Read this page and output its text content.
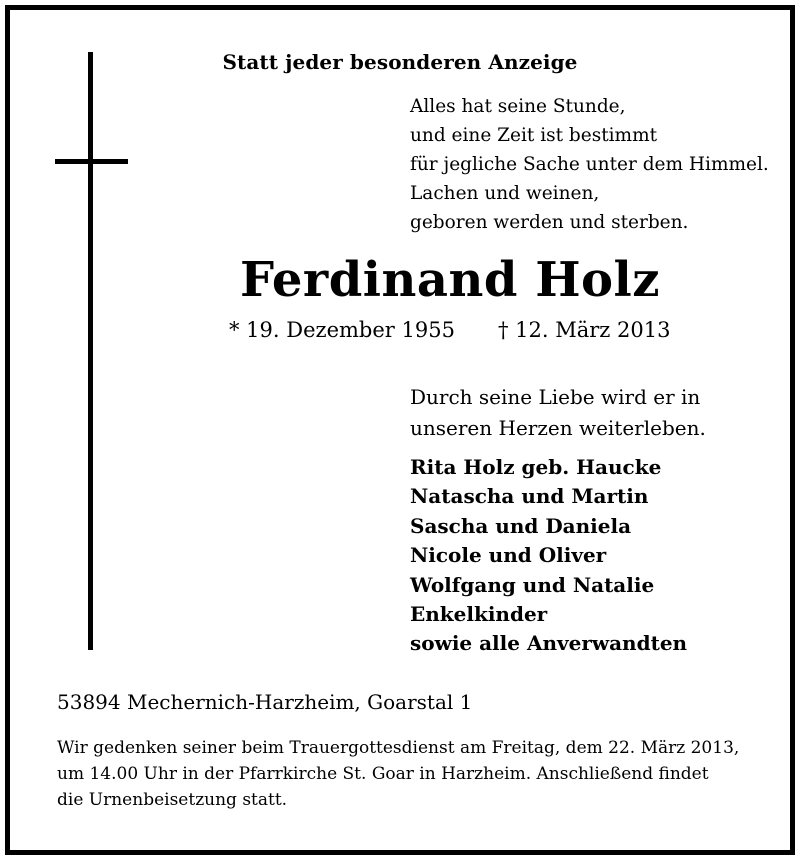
Statt jeder besonderen Anzeige
Alles hat seine Stunde,
und eine Zeit ist bestimmt
für jegliche Sache unter dem Himmel.
Lachen und weinen,
geboren werden und sterben.
Ferdinand Holz
* 19. Dezember 1955 † 12. März 2013
Durch seine Liebe wird er in
unseren Herzen weiterleben.
Rita Holz geb. Haucke
Natascha und Martin
Sascha und Daniela
Nicole und Oliver
Wolfgang und Natalie
Enkelkinder
sowie alle Anverwandten
53894 Mechernich-Harzheim, Goarstal 1
Wir gedenken seiner beim Trauergottesdienst am Freitag, dem 22. März 2013,
um 14.00 Uhr in der Pfarrkirche St. Goar in Harzheim. Anschließend findet
die Urnenbeisetzung statt.
